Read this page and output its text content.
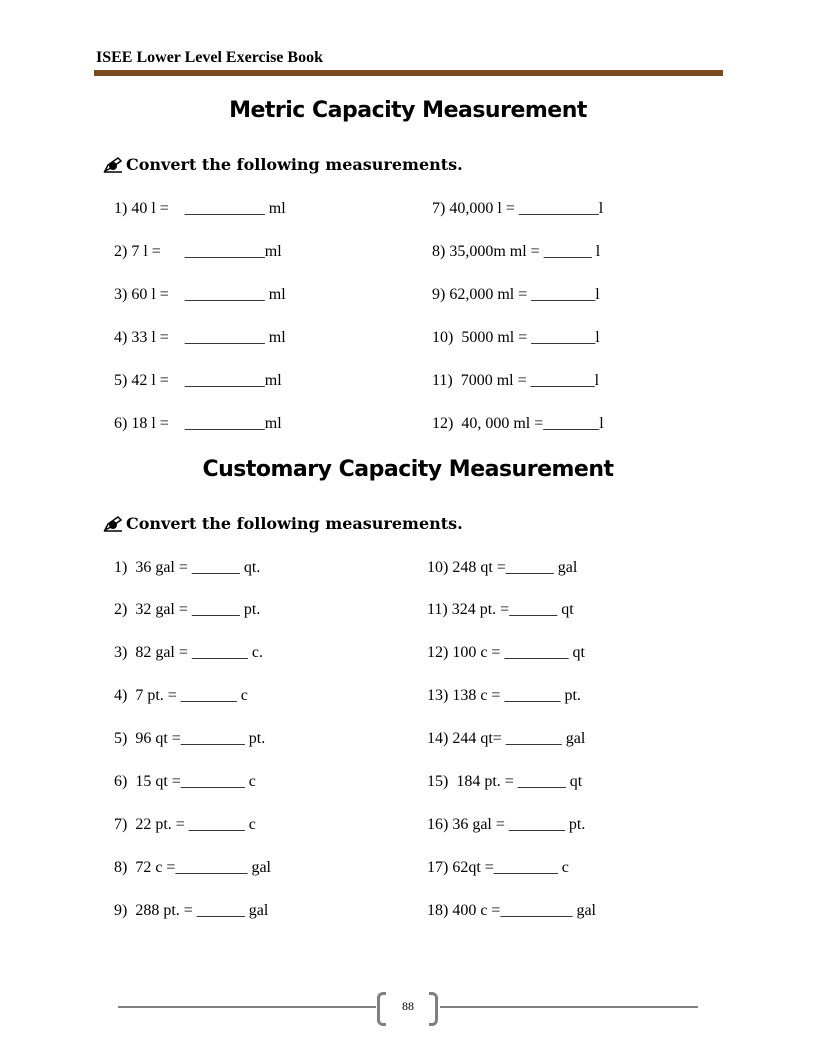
ISEE Lower Level Exercise Book
Metric Capacity Measurement
Convert the following measurements.
1) 40 l =    __________ ml
2) 7 l =      __________ml
3) 60 l =    __________ ml
4) 33 l =    __________ ml
5) 42 l =    __________ml
6) 18 l =    __________ml
7) 40,000 l = __________l
8) 35,000m ml = ______ l
9) 62,000 ml = ________l
10)  5000 ml = ________l
11)  7000 ml = ________l
12)  40, 000 ml =_______l
Customary Capacity Measurement
Convert the following measurements.
1)  36 gal = ______ qt.
2)  32 gal = ______ pt.
3)  82 gal = _______ c.
4)  7 pt. = _______ c
5)  96 qt =________ pt.
6)  15 qt =________ c
7)  22 pt. = _______ c
8)  72 c =_________ gal
9)  288 pt. = ______ gal
10) 248 qt =______ gal
11) 324 pt. =______ qt
12) 100 c = ________ qt
13) 138 c = _______ pt.
14) 244 qt= _______ gal
15)  184 pt. = ______ qt
16) 36 gal = _______ pt.
17) 62qt =________ c
18) 400 c =_________ gal
88
